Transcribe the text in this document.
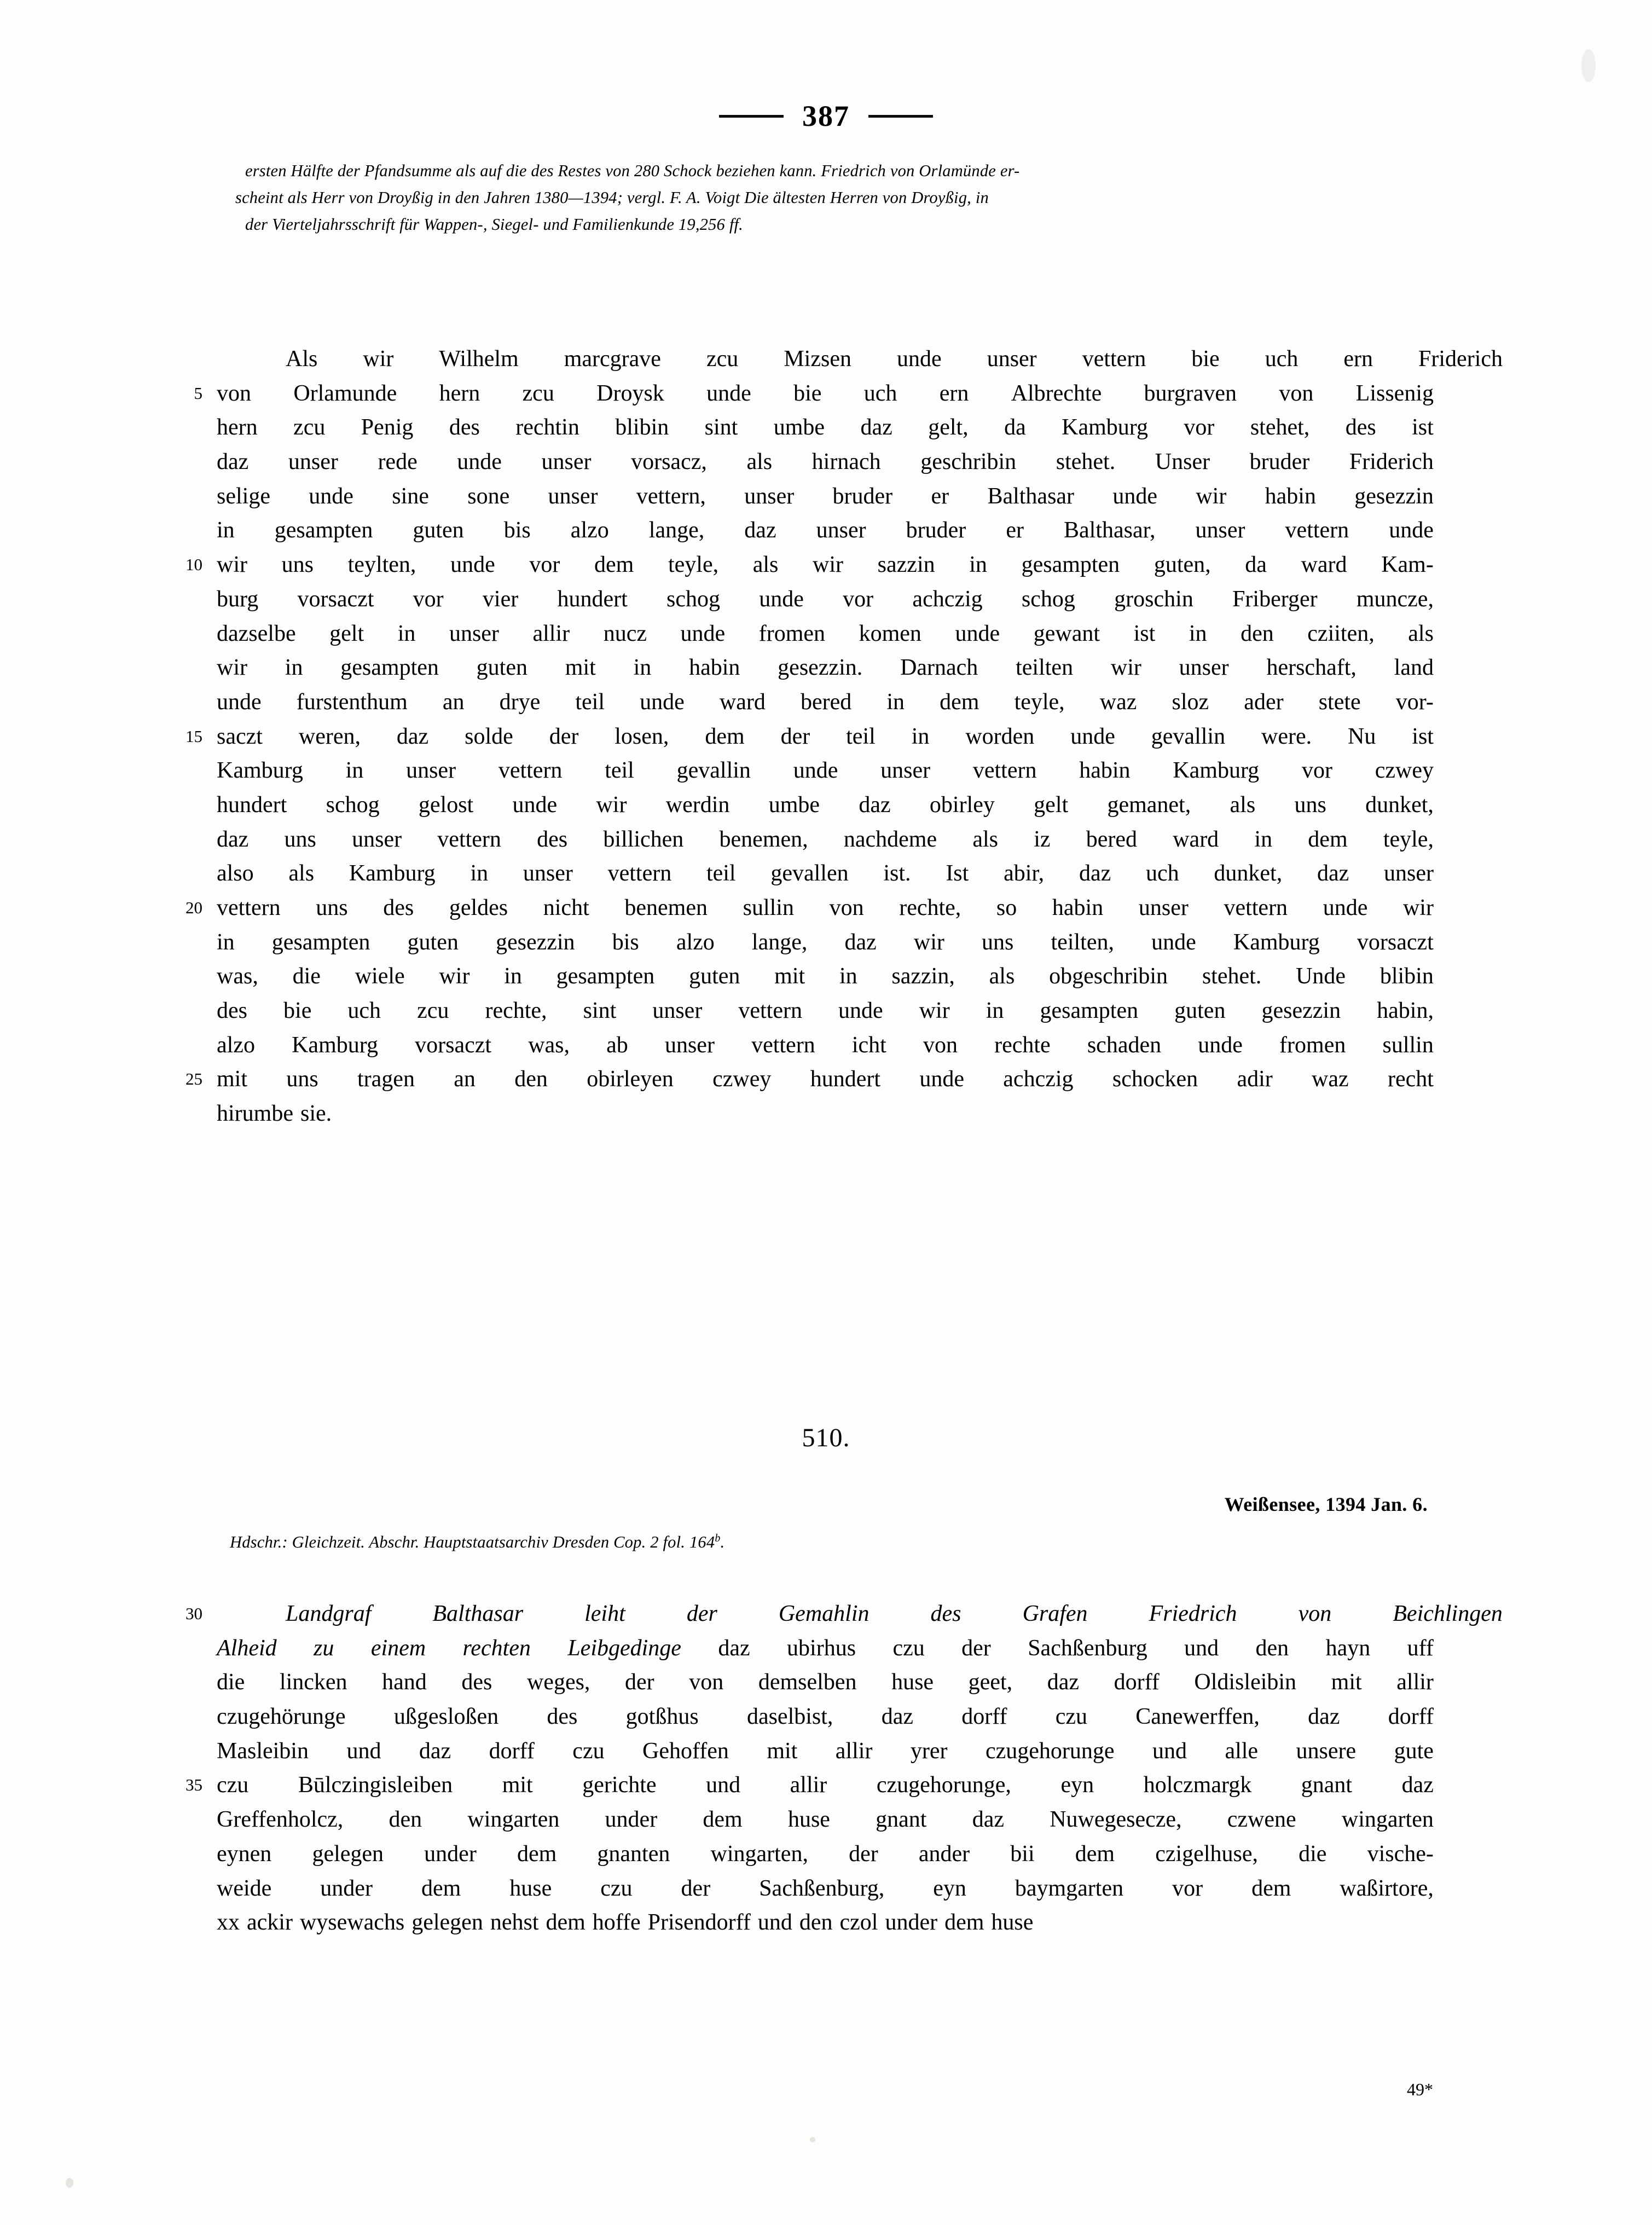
387
ersten Hälfte der Pfandsumme als auf die des Restes von 280 Schock beziehen kann. Friedrich von Orlamünde er-
scheint als Herr von Droyßig in den Jahren 1380—1394; vergl. F. A. Voigt Die ältesten Herren von Droyßig, in
der Vierteljahrsschrift für Wappen-, Siegel- und Familienkunde 19,256 ff.
Als wir Wilhelm marcgrave zcu Mizsen unde unser vettern bie uch ern Friderich
5 von Orlamunde hern zcu Droysk unde bie uch ern Albrechte burgraven von Lissenig
hern zcu Penig des rechtin blibin sint umbe daz gelt, da Kamburg vor stehet, des ist
daz unser rede unde unser vorsacz, als hirnach geschribin stehet. Unser bruder Friderich
selige unde sine sone unser vettern, unser bruder er Balthasar unde wir habin gesezzin
in gesampten guten bis alzo lange, daz unser bruder er Balthasar, unser vettern unde
10 wir uns teylten, unde vor dem teyle, als wir sazzin in gesampten guten, da ward Kam-
burg vorsaczt vor vier hundert schog unde vor achczig schog groschin Friberger muncze,
dazselbe gelt in unser allir nucz unde fromen komen unde gewant ist in den cziiten, als
wir in gesampten guten mit in habin gesezzin. Darnach teilten wir unser herschaft, land
unde furstenthum an drye teil unde ward bered in dem teyle, waz sloz ader stete vor-
15 saczt weren, daz solde der losen, dem der teil in worden unde gevallin were. Nu ist
Kamburg in unser vettern teil gevallin unde unser vettern habin Kamburg vor czwey
hundert schog gelost unde wir werdin umbe daz obirley gelt gemanet, als uns dunket,
daz uns unser vettern des billichen benemen, nachdeme als iz bered ward in dem teyle,
also als Kamburg in unser vettern teil gevallen ist. Ist abir, daz uch dunket, daz unser
20 vettern uns des geldes nicht benemen sullin von rechte, so habin unser vettern unde wir
in gesampten guten gesezzin bis alzo lange, daz wir uns teilten, unde Kamburg vorsaczt
was, die wiele wir in gesampten guten mit in sazzin, als obgeschribin stehet. Unde blibin
des bie uch zcu rechte, sint unser vettern unde wir in gesampten guten gesezzin habin,
alzo Kamburg vorsaczt was, ab unser vettern icht von rechte schaden unde fromen sullin
25 mit uns tragen an den obirleyen czwey hundert unde achczig schocken adir waz recht
hirumbe sie.
510.
Weißensee, 1394 Jan. 6.
Hdschr.: Gleichzeit. Abschr. Hauptstaatsarchiv Dresden Cop. 2 fol. 164$^b$.
30	Landgraf	Balthasar	leiht	der	Gemahlin	des	Grafen	Friedrich	von	Beichlingen
Alheid zu einem rechten Leibgedinge daz ubirhus czu der Sachßenburg und den hayn uff
die lincken hand des weges, der von demselben huse geet, daz dorff Oldisleibin mit allir
czugehörunge ußgesloßen des gotßhus daselbist, daz dorff czu Canewerffen, daz dorff
Masleibin und daz dorff czu Gehoffen mit allir yrer czugehorunge und alle unsere gute
35 czu Būlczingisleiben mit gerichte und allir czugehorunge, eyn holczmargk gnant daz
Greffenholcz, den wingarten under dem huse gnant daz Nuwegesecze, czwene wingarten
eynen gelegen under dem gnanten wingarten, der ander bii dem czigelhuse, die vische-
weide under dem huse czu der Sachßenburg, eyn baymgarten vor dem waßirtore,
xx ackir wysewachs gelegen nehst dem hoffe Prisendorff und den czol under dem huse
49*
